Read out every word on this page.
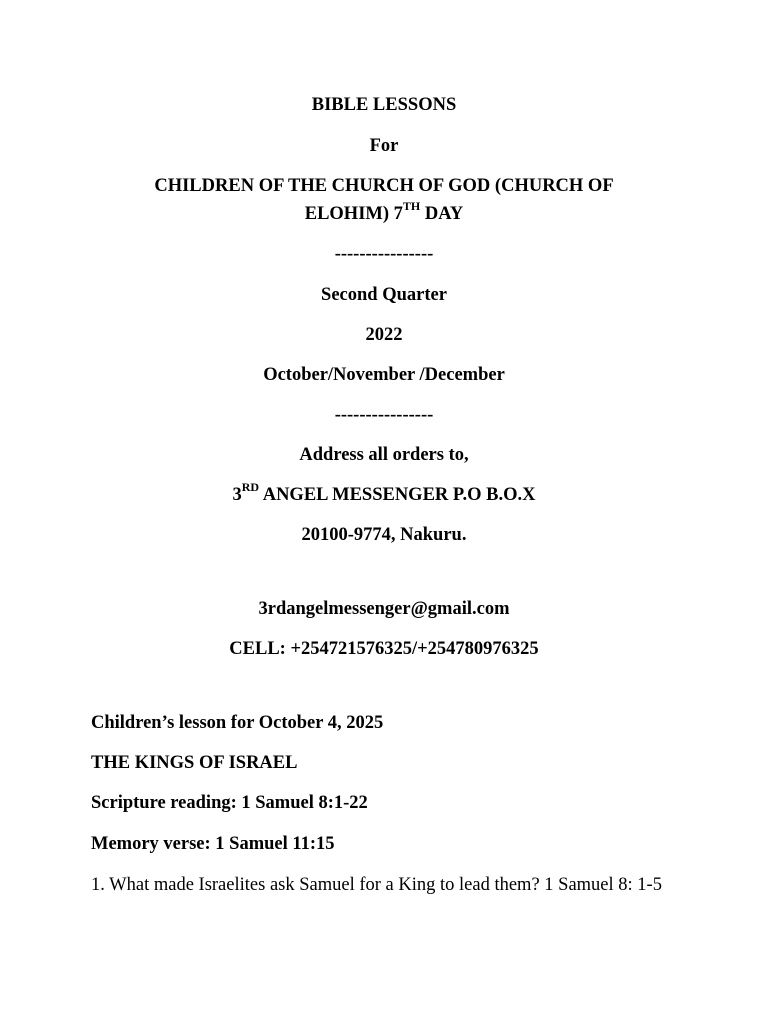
BIBLE LESSONS
For
CHILDREN OF THE CHURCH OF GOD (CHURCH OF
ELOHIM) 7TH DAY
----------------
Second Quarter
2022
October/November /December
----------------
Address all orders to,
3RD ANGEL MESSENGER P.O B.O.X
20100-9774, Nakuru.
3rdangelmessenger@gmail.com
CELL: +254721576325/+254780976325
Children’s lesson for October 4, 2025
THE KINGS OF ISRAEL
Scripture reading: 1 Samuel 8:1-22
Memory verse: 1 Samuel 11:15
1. What made Israelites ask Samuel for a King to lead them? 1 Samuel 8: 1-5
